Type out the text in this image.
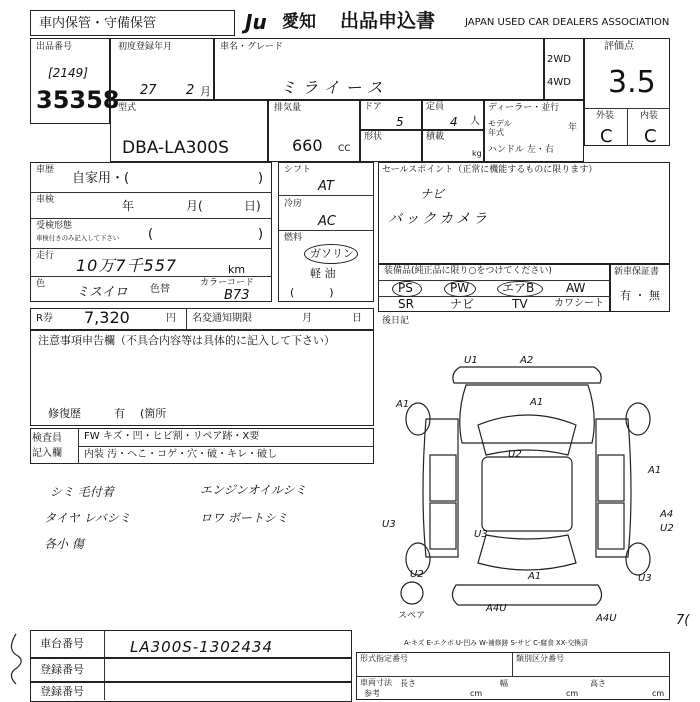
車内保管・守備保管	Ju 愛知 出品申込書	JAPAN USED CAR DEALERS ASSOCIATION
出品番号
[2149]
35358
初度登録年月
27 2 月
車名・グレード
ミライース
2WD
4WD
評価点
3.5
外装	内装
C C
型式
DBA-LA300S
排気量
660 CC
ドア
5
定員
4 人
形状	積載
kg
ディーラー・並行
モデル
年式	年
ハンドル 左・右
車歴
自家用・(	)
車検	年	月(	日)
受検形態
車検付きのみ記入して下さい (	)
走行 10万7千557	km
色
ミスイロ 色替
カラーコード
B73
シフト
AT
冷房
AC
燃料
ガソリン
軽 油
(          )
セールスポイント（正常に機能するものに限ります）
ナビ
バックカメラ
装備品(純正品に限り○をつけてください)
PS	PW	エアB	AW
SR	ナビ	TV	カワシート
新車保証書
有 ・ 無
R券 7,320	円 名変通知期限	月	日 後日記
注意事項申告欄（不具合内容等は具体的に記入して下さい）
修復歴	有 (箇所
検査員
記入欄
FW キズ・凹・ヒビ割・リペア跡・X要
内装 汚・へこ・コゲ・穴・破・キレ・破し
シミ 毛付着	エンジンオイルシミ
タイヤ レバシミ	ロワ ボートシミ
各小 傷
U1	A2
A1	A1
U2
A1
A4
U2
U3
U3
U2	A1	U3
A4U
A4U
スペア
A-キズ E-エクボ U-凹み W-補修跡 S-サビ C-腐食 XX-交換済
7(
車台番号	LA300S-1302434
登録番号
登録番号
形式指定番号	類別区分番号
車両寸法
参考
長さ
cm
幅
cm
高さ
cm
